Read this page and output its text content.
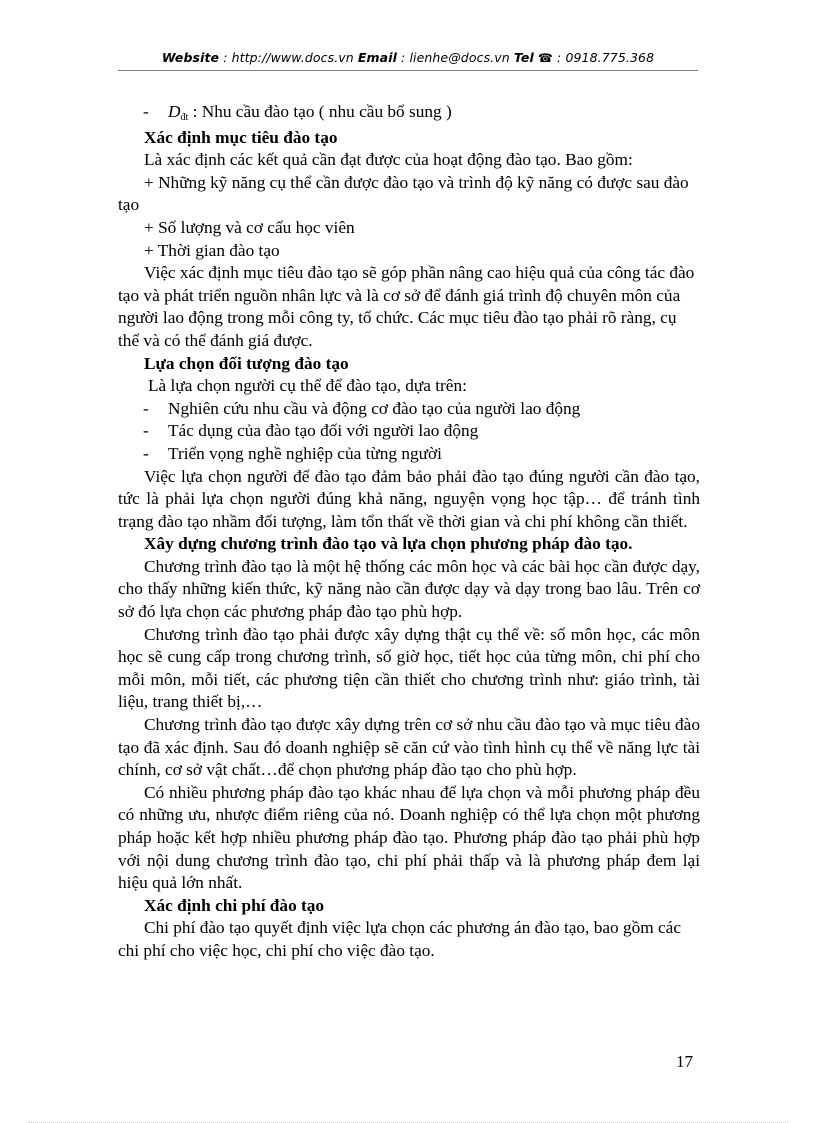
Website : http://www.docs.vn Email : lienhe@docs.vn Tel ☎ : 0918.775.368

- Dđt : Nhu cầu đào tạo ( nhu cầu bổ sung )

Xác định mục tiêu đào tạo

Là xác định các kết quả cần đạt được của hoạt động đào tạo. Bao gồm:

+ Những kỹ năng cụ thể cần được đào tạo và trình độ kỹ năng có được sau đào tạo

+ Số lượng và cơ cấu học viên

+ Thời gian đào tạo

Việc xác định mục tiêu đào tạo sẽ góp phần nâng cao hiệu quả của công tác đào tạo và phát triển nguồn nhân lực và là cơ sở để đánh giá trình độ chuyên môn của người lao động trong mỗi công ty, tổ chức. Các mục tiêu đào tạo phải rõ ràng, cụ thể và có thể đánh giá được.

Lựa chọn đối tượng đào tạo

Là lựa chọn người cụ thể để đào tạo, dựa trên:

- Nghiên cứu nhu cầu và động cơ đào tạo của người lao động

- Tác dụng của đào tạo đối với người lao động

- Triển vọng nghề nghiệp của từng người

Việc lựa chọn người để đào tạo đảm bảo phải đào tạo đúng người cần đào tạo, tức là phải lựa chọn người đúng khả năng, nguyện vọng học tập… để tránh tình trạng đào tạo nhầm đối tượng, làm tổn thất về thời gian và chi phí không cần thiết.

Xây dựng chương trình đào tạo và lựa chọn phương pháp đào tạo.

Chương trình đào tạo là một hệ thống các môn học và các bài học cần được dạy, cho thấy những kiến thức, kỹ năng nào cần được dạy và dạy trong bao lâu. Trên cơ sở đó lựa chọn các phương pháp đào tạo phù hợp.

Chương trình đào tạo phải được xây dựng thật cụ thể về: số môn học, các môn học sẽ cung cấp trong chương trình, số giờ học, tiết học của từng môn, chi phí cho mỗi môn, mỗi tiết, các phương tiện cần thiết cho chương trình như: giáo trình, tài liệu, trang thiết bị,…

Chương trình đào tạo được xây dựng trên cơ sở nhu cầu đào tạo và mục tiêu đào tạo đã xác định. Sau đó doanh nghiệp sẽ căn cứ vào tình hình cụ thể về năng lực tài chính, cơ sở vật chất…để chọn phương pháp đào tạo cho phù hợp.

Có nhiều phương pháp đào tạo khác nhau để lựa chọn và mỗi phương pháp đều có những ưu, nhược điểm riêng của nó. Doanh nghiệp có thể lựa chọn một phương pháp hoặc kết hợp nhiều phương pháp đào tạo. Phương pháp đào tạo phải phù hợp với nội dung chương trình đào tạo, chi phí phải thấp và là phương pháp đem lại hiệu quả lớn nhất.

Xác định chi phí đào tạo

Chi phí đào tạo quyết định việc lựa chọn các phương án đào tạo, bao gồm các chi phí cho việc học, chi phí cho việc đào tạo.

17
